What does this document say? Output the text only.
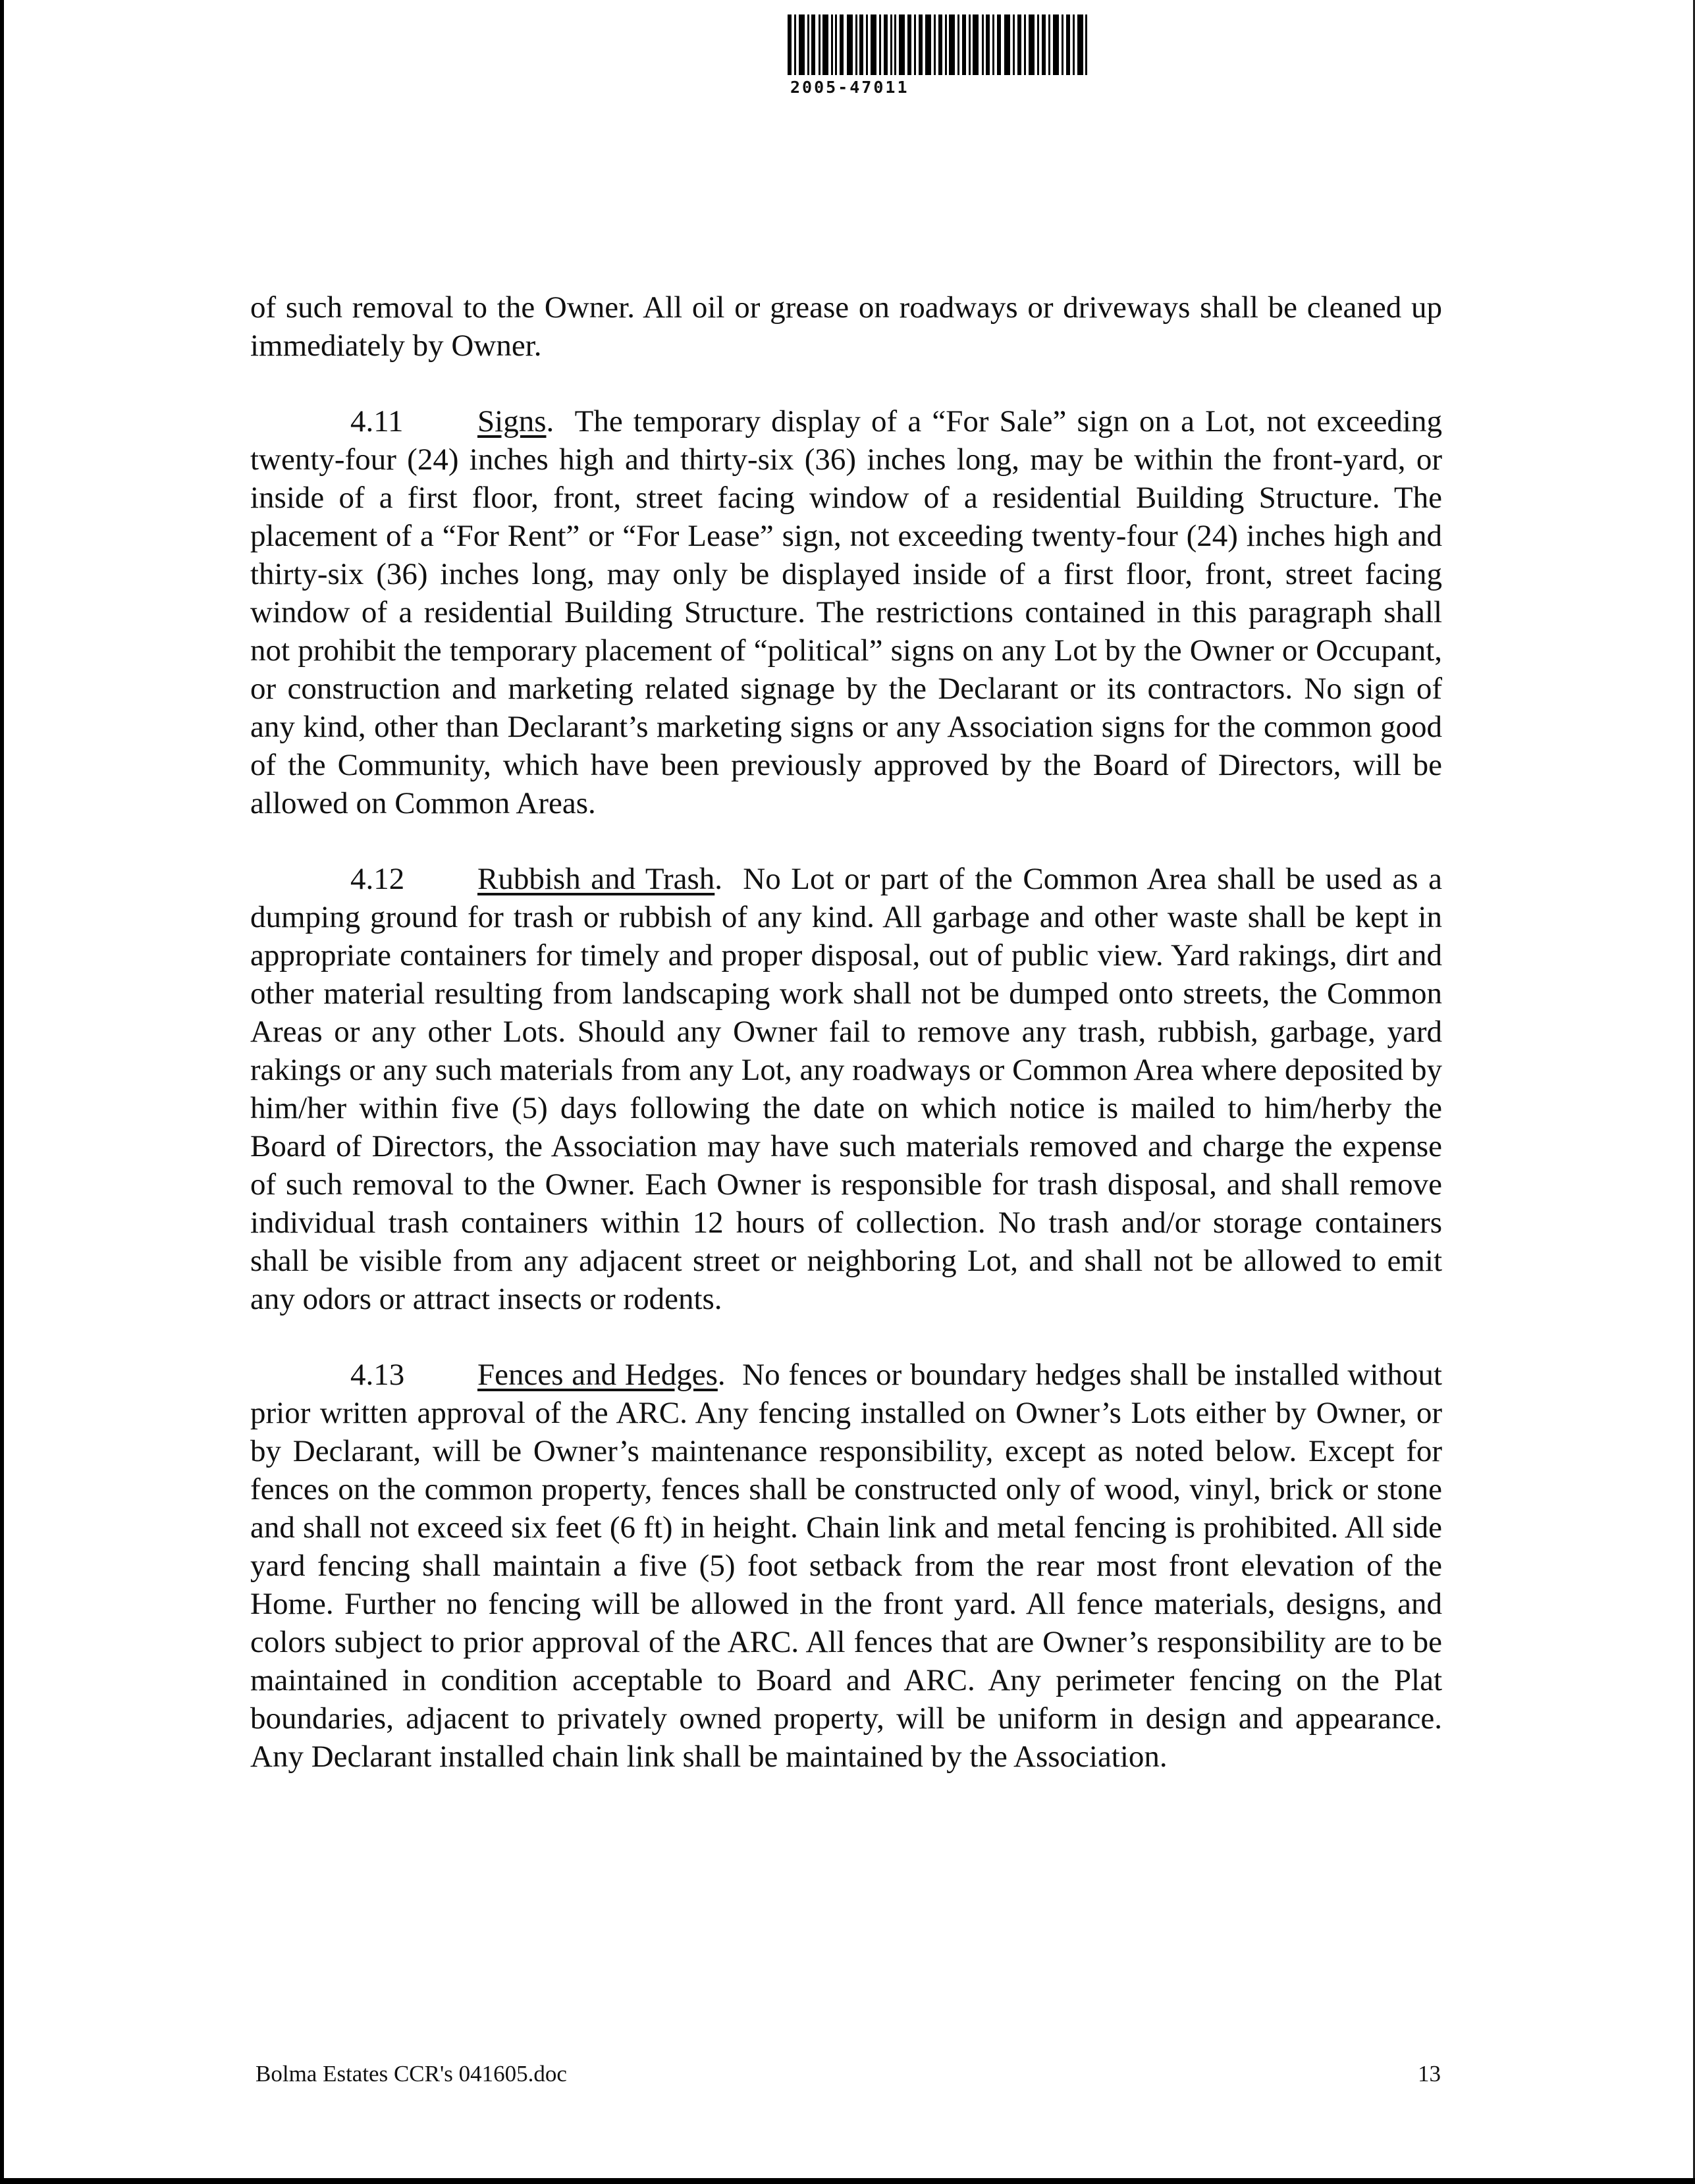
2005-47011

of such removal to the Owner. All oil or grease on roadways or driveways shall be cleaned up immediately by Owner.

4.11 Signs. The temporary display of a “For Sale” sign on a Lot, not exceeding twenty-four (24) inches high and thirty-six (36) inches long, may be within the front-yard, or inside of a first floor, front, street facing window of a residential Building Structure. The placement of a “For Rent” or “For Lease” sign, not exceeding twenty-four (24) inches high and thirty-six (36) inches long, may only be displayed inside of a first floor, front, street facing window of a residential Building Structure. The restrictions contained in this paragraph shall not prohibit the temporary placement of “political” signs on any Lot by the Owner or Occupant, or construction and marketing related signage by the Declarant or its contractors. No sign of any kind, other than Declarant’s marketing signs or any Association signs for the common good of the Community, which have been previously approved by the Board of Directors, will be allowed on Common Areas.

4.12 Rubbish and Trash. No Lot or part of the Common Area shall be used as a dumping ground for trash or rubbish of any kind. All garbage and other waste shall be kept in appropriate containers for timely and proper disposal, out of public view. Yard rakings, dirt and other material resulting from landscaping work shall not be dumped onto streets, the Common Areas or any other Lots. Should any Owner fail to remove any trash, rubbish, garbage, yard rakings or any such materials from any Lot, any roadways or Common Area where deposited by him/her within five (5) days following the date on which notice is mailed to him/herby the Board of Directors, the Association may have such materials removed and charge the expense of such removal to the Owner. Each Owner is responsible for trash disposal, and shall remove individual trash containers within 12 hours of collection. No trash and/or storage containers shall be visible from any adjacent street or neighboring Lot, and shall not be allowed to emit any odors or attract insects or rodents.

4.13 Fences and Hedges. No fences or boundary hedges shall be installed without prior written approval of the ARC. Any fencing installed on Owner’s Lots either by Owner, or by Declarant, will be Owner’s maintenance responsibility, except as noted below. Except for fences on the common property, fences shall be constructed only of wood, vinyl, brick or stone and shall not exceed six feet (6 ft) in height. Chain link and metal fencing is prohibited. All side yard fencing shall maintain a five (5) foot setback from the rear most front elevation of the Home. Further no fencing will be allowed in the front yard. All fence materials, designs, and colors subject to prior approval of the ARC. All fences that are Owner’s responsibility are to be maintained in condition acceptable to Board and ARC. Any perimeter fencing on the Plat boundaries, adjacent to privately owned property, will be uniform in design and appearance. Any Declarant installed chain link shall be maintained by the Association.

Bolma Estates CCR's 041605.doc	13
